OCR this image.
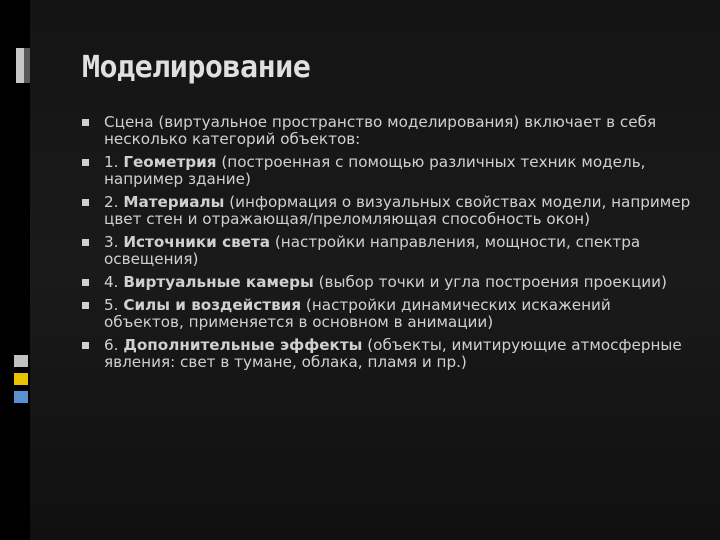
Моделирование
Сцена (виртуальное пространство моделирования) включает в себя несколько категорий объектов:
1. Геометрия (построенная с помощью различных техник модель, например здание)
2. Материалы (информация о визуальных свойствах модели, например цвет стен и отражающая/преломляющая способность окон)
3. Источники света (настройки направления, мощности, спектра освещения)
4. Виртуальные камеры (выбор точки и угла построения проекции)
5. Силы и воздействия (настройки динамических искажений объектов, применяется в основном в анимации)
6. Дополнительные эффекты (объекты, имитирующие атмосферные явления: свет в тумане, облака, пламя и пр.)
